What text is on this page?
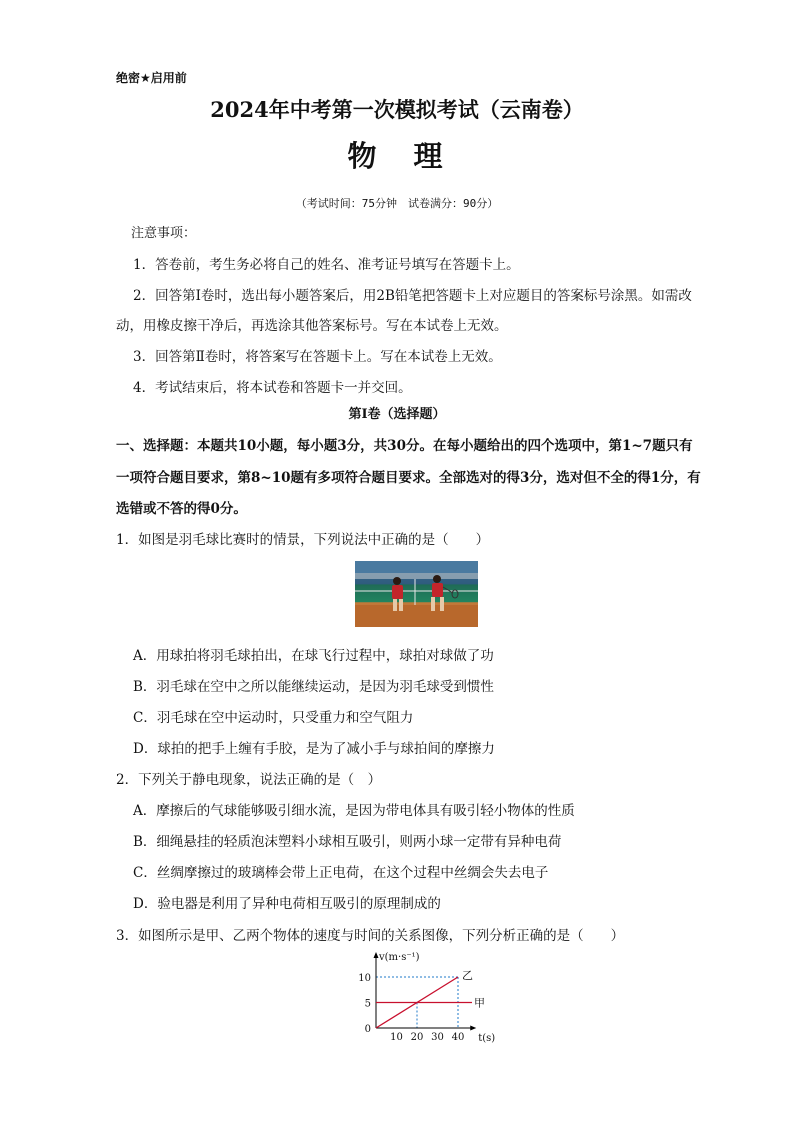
绝密★启用前
2024年中考第一次模拟考试（云南卷）
物　理
（考试时间：75分钟　试卷满分：90分）
注意事项：
1．答卷前，考生务必将自己的姓名、准考证号填写在答题卡上。
2．回答第Ⅰ卷时，选出每小题答案后，用2B铅笔把答题卡上对应题目的答案标号涂黑。如需改
动，用橡皮擦干净后，再选涂其他答案标号。写在本试卷上无效。
3．回答第Ⅱ卷时，将答案写在答题卡上。写在本试卷上无效。
4．考试结束后，将本试卷和答题卡一并交回。
第Ⅰ卷（选择题）
一、选择题：本题共10小题，每小题3分，共30分。在每小题给出的四个选项中，第1~7题只有
一项符合题目要求，第8~10题有多项符合题目要求。全部选对的得3分，选对但不全的得1分，有
选错或不答的得0分。
1．如图是羽毛球比赛时的情景，下列说法中正确的是（　　）
A．用球拍将羽毛球拍出，在球飞行过程中，球拍对球做了功
B．羽毛球在空中之所以能继续运动，是因为羽毛球受到惯性
C．羽毛球在空中运动时，只受重力和空气阻力
D．球拍的把手上缠有手胶，是为了减小手与球拍间的摩擦力
2．下列关于静电现象，说法正确的是（　）
A．摩擦后的气球能够吸引细水流，是因为带电体具有吸引轻小物体的性质
B．细绳悬挂的轻质泡沫塑料小球相互吸引，则两小球一定带有异种电荷
C．丝绸摩擦过的玻璃棒会带上正电荷，在这个过程中丝绸会失去电子
D．验电器是利用了异种电荷相互吸引的原理制成的
3．如图所示是甲、乙两个物体的速度与时间的关系图像，下列分析正确的是（　　）
乙
甲
10
5
0
10 20 30 40
v(m·s⁻¹)
t(s)
